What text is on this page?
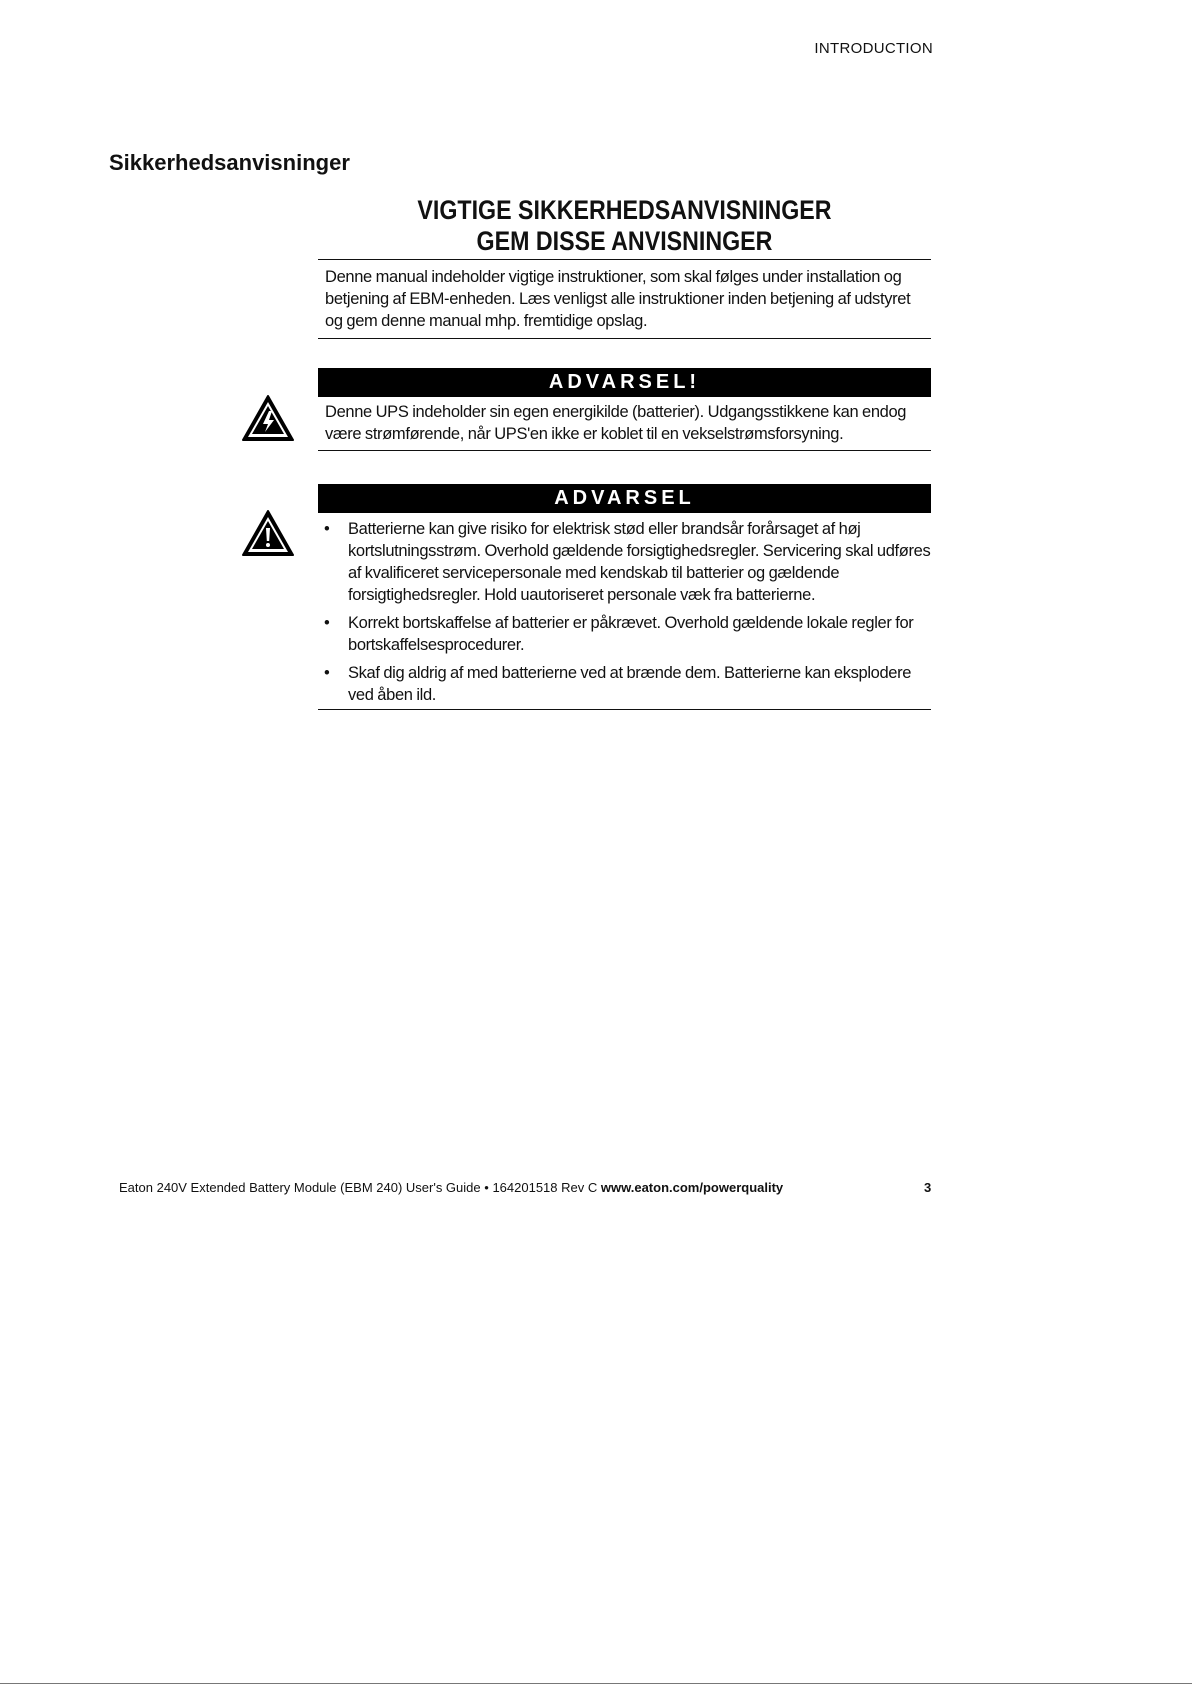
INTRODUCTION
Sikkerhedsanvisninger
VIGTIGE SIKKERHEDSANVISNINGER
GEM DISSE ANVISNINGER
Denne manual indeholder vigtige instruktioner, som skal følges under installation og betjening af EBM-enheden. Læs venligst alle instruktioner inden betjening af udstyret og gem denne manual mhp. fremtidige opslag.
ADVARSEL!
Denne UPS indeholder sin egen energikilde (batterier). Udgangsstikkene kan endog være strømførende, når UPS'en ikke er koblet til en vekselstrømsforsyning.
ADVARSEL
• Batterierne kan give risiko for elektrisk stød eller brandsår forårsaget af høj kortslutningsstrøm. Overhold gældende forsigtighedsregler. Servicering skal udføres af kvalificeret servicepersonale med kendskab til batterier og gældende forsigtighedsregler. Hold uautoriseret personale væk fra batterierne.
• Korrekt bortskaffelse af batterier er påkrævet. Overhold gældende lokale regler for bortskaffelsesprocedurer.
• Skaf dig aldrig af med batterierne ved at brænde dem. Batterierne kan eksplodere ved åben ild.
Eaton 240V Extended Battery Module (EBM 240) User's Guide • 164201518 Rev C www.eaton.com/powerquality	3
